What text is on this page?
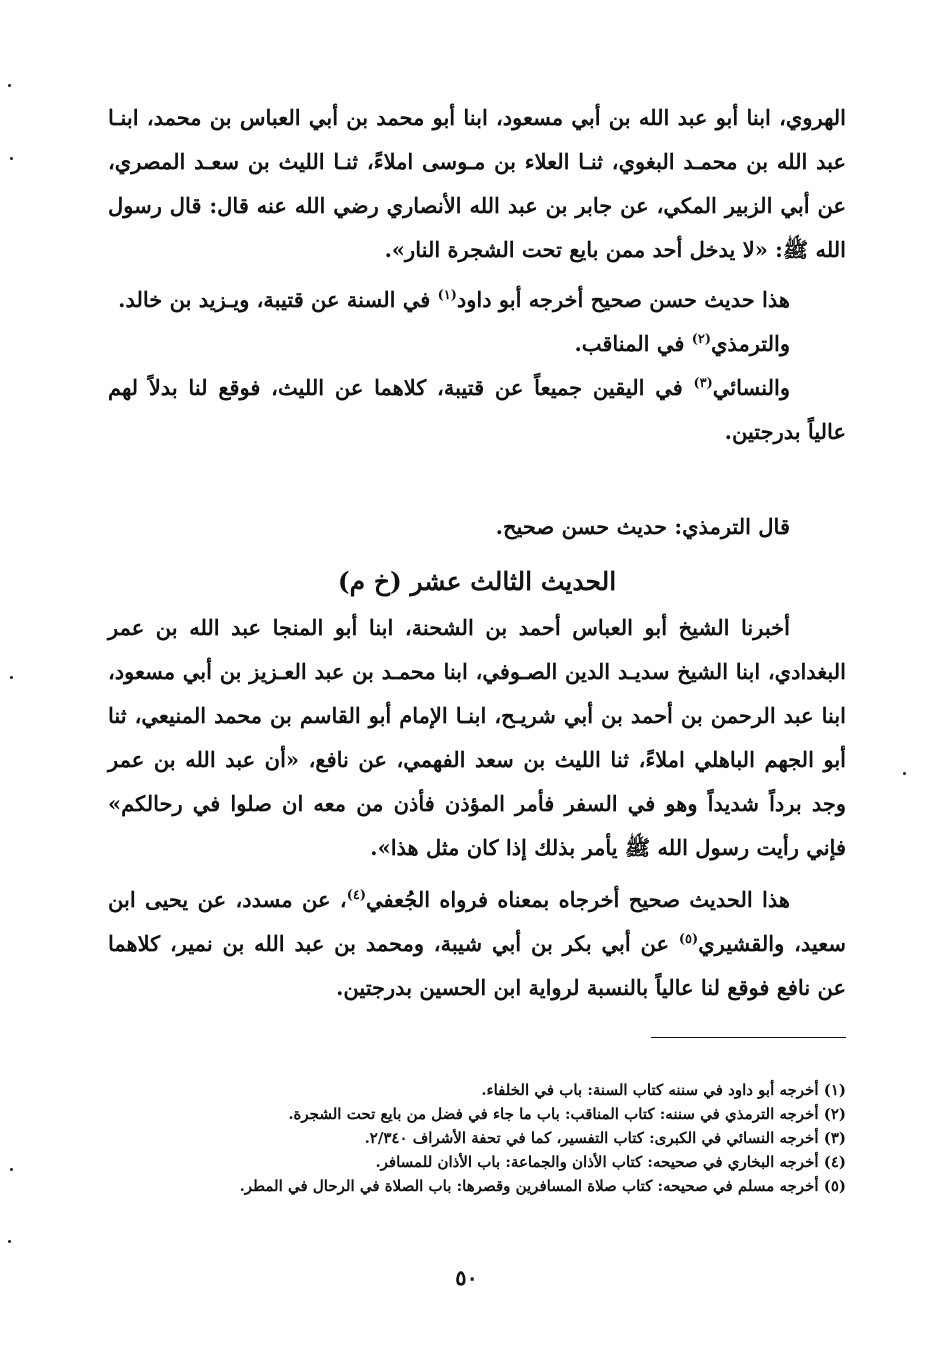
الهروي، ابنا أبو عبد الله بن أبي مسعود، ابنا أبو محمد بن أبي العباس بن محمد، ابنـا عبد الله بن محمـد البغوي، ثنـا العلاء بن مـوسى املاءً، ثنـا الليث بن سعـد المصري، عن أبي الزبير المكي، عن جابر بن عبد الله الأنصاري رضي الله عنه قال: قال رسول الله ﷺ: «لا يدخل أحد ممن بايع تحت الشجرة النار».

هذا حديث حسن صحيح أخرجه أبو داود$^{(١)}$ في السنة عن قتيبة، ويـزيد بن خالد.

والترمذي$^{(٢)}$ في المناقب.

والنسائي$^{(٣)}$ في اليقين جميعاً عن قتيبة، كلاهما عن الليث، فوقع لنا بدلاً لهم عالياً بدرجتين.

قال الترمذي: حديث حسن صحيح.

الحديث الثالث عشر (خ م)

أخبرنا الشيخ أبو العباس أحمد بن الشحنة، ابنا أبو المنجا عبد الله بن عمر البغدادي، ابنا الشيخ سديـد الدين الصـوفي، ابنا محمـد بن عبد العـزيز بن أبي مسعود، ابنا عبد الرحمن بن أحمد بن أبي شريـح، ابنـا الإمام أبو القاسم بن محمد المنيعي، ثنا أبو الجهم الباهلي املاءً، ثنا الليث بن سعد الفهمي، عن نافع، «أن عبد الله بن عمر وجد برداً شديداً وهو في السفر فأمر المؤذن فأذن من معه ان صلوا في رحالكم» فإني رأيت رسول الله ﷺ يأمر بذلك إذا كان مثل هذا».

هذا الحديث صحيح أخرجاه بمعناه فرواه الجُعفي$^{(٤)}$، عن مسدد، عن يحيى ابن سعيد، والقشيري$^{(٥)}$ عن أبي بكر بن أبي شيبة، ومحمد بن عبد الله بن نمير، كلاهما عن نافع فوقع لنا عالياً بالنسبة لرواية ابن الحسين بدرجتين.

(١) أخرجه أبو داود في سننه كتاب السنة: باب في الخلفاء.
(٢) أخرجه الترمذي في سننه: كتاب المناقب: باب ما جاء في فضل من بايع تحت الشجرة.
(٣) أخرجه النسائي في الكبرى: كتاب التفسير، كما في تحفة الأشراف ٢/٣٤٠.
(٤) أخرجه البخاري في صحيحه: كتاب الأذان والجماعة: باب الأذان للمسافر.
(٥) أخرجه مسلم في صحيحه: كتاب صلاة المسافرين وقصرها: باب الصلاة في الرحال في المطر.
٥٠
